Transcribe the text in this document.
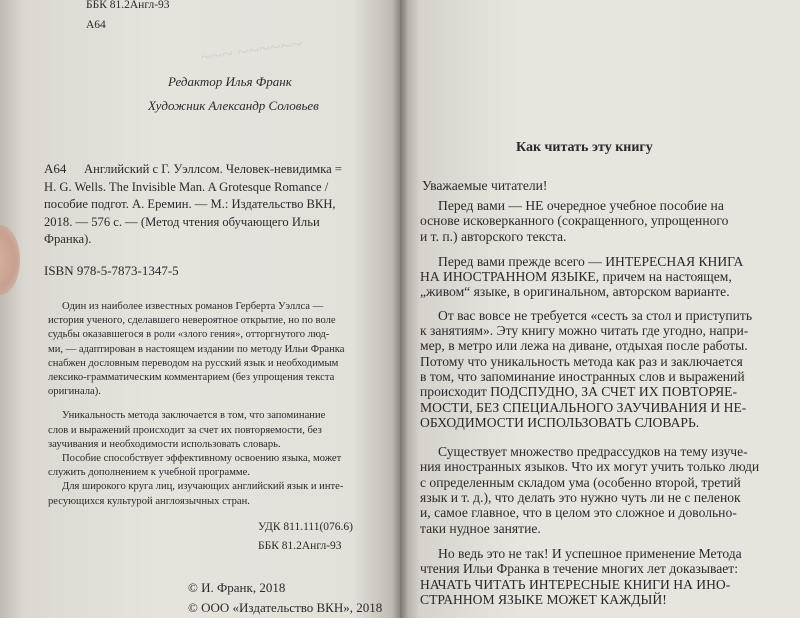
~~~ ~~~~~~
ББК 81.2Англ-93
А64
Редактор Илья Франк
Художник Александр Соловьев
А64 Английский с Г. Уэллсом. Человек-невидимка =
H. G. Wells. The Invisible Man. A Grotesque Romance /
пособие подгот. А. Еремин. — М.: Издательство ВКН,
2018. — 576 с. — (Метод чтения обучающего Ильи
Франка).
ISBN 978-5-7873-1347-5
Один из наиболее известных романов Герберта Уэллса —
история ученого, сделавшего невероятное открытие, но по воле
судьбы оказавшегося в роли «злого гения», отторгнутого люд-
ми, — адаптирован в настоящем издании по методу Ильи Франка
снабжен дословным переводом на русский язык и необходимым
лексико-грамматическим комментарием (без упрощения текста
оригинала).
Уникальность метода заключается в том, что запоминание
слов и выражений происходит за счет их повторяемости, без
заучивания и необходимости использовать словарь.
Пособие способствует эффективному освоению языка, может
служить дополнением к учебной программе.
Для широкого круга лиц, изучающих английский язык и инте-
ресующихся культурой англоязычных стран.
УДК 811.111(076.6)
ББК 81.2Англ-93
© И. Франк, 2018
© ООО «Издательство ВКН», 2018
Как читать эту книгу
Уважаемые читатели!
Перед вами — НЕ очередное учебное пособие на
основе исковерканного (сокращенного, упрощенного
и т. п.) авторского текста.
Перед вами прежде всего — ИНТЕРЕСНАЯ КНИГА
НА ИНОСТРАННОМ ЯЗЫКЕ, причем на настоящем,
„живом“ языке, в оригинальном, авторском варианте.
От вас вовсе не требуется «сесть за стол и приступить
к занятиям». Эту книгу можно читать где угодно, напри-
мер, в метро или лежа на диване, отдыхая после работы.
Потому что уникальность метода как раз и заключается
в том, что запоминание иностранных слов и выражений
происходит ПОДСПУДНО, ЗА СЧЕТ ИХ ПОВТОРЯЕ-
МОСТИ, БЕЗ СПЕЦИАЛЬНОГО ЗАУЧИВАНИЯ И НЕ-
ОБХОДИМОСТИ ИСПОЛЬЗОВАТЬ СЛОВАРЬ.
Существует множество предрассудков на тему изуче-
ния иностранных языков. Что их могут учить только люди
с определенным складом ума (особенно второй, третий
язык и т. д.), что делать это нужно чуть ли не с пеленок
и, самое главное, что в целом это сложное и довольно-
таки нудное занятие.
Но ведь это не так! И успешное применение Метода
чтения Ильи Франка в течение многих лет доказывает:
НАЧАТЬ ЧИТАТЬ ИНТЕРЕСНЫЕ КНИГИ НА ИНО-
СТРАННОМ ЯЗЫКЕ МОЖЕТ КАЖДЫЙ!
